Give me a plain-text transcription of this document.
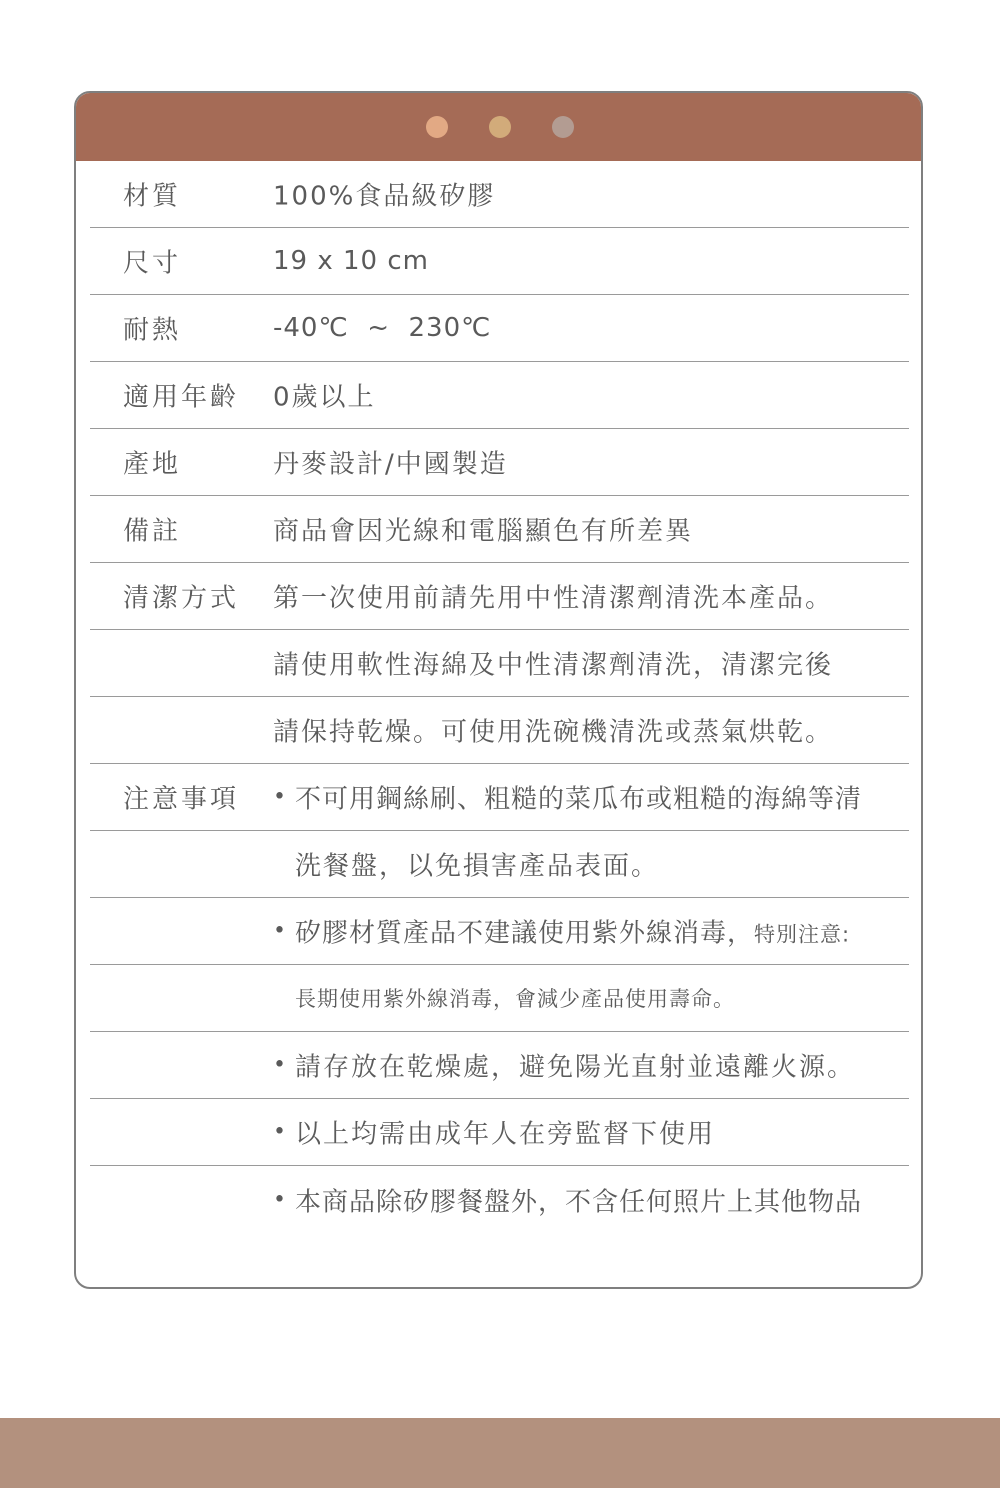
材質	100%食品級矽膠
尺寸	19 x 10 cm
耐熱	-40℃  ~  230℃
適用年齡 0歲以上
產地	丹麥設計/中國製造
備註	商品會因光線和電腦顯色有所差異
清潔方式 第一次使用前請先用中性清潔劑清洗本產品。
請使用軟性海綿及中性清潔劑清洗，清潔完後
請保持乾燥。可使用洗碗機清洗或蒸氣烘乾。
注意事項 • 不可用鋼絲刷、粗糙的菜瓜布或粗糙的海綿等清
洗餐盤，以免損害產品表面。
• 矽膠材質產品不建議使用紫外線消毒，特別注意:
長期使用紫外線消毒，會減少產品使用壽命。
• 請存放在乾燥處，避免陽光直射並遠離火源。
• 以上均需由成年人在旁監督下使用
• 本商品除矽膠餐盤外，不含任何照片上其他物品
